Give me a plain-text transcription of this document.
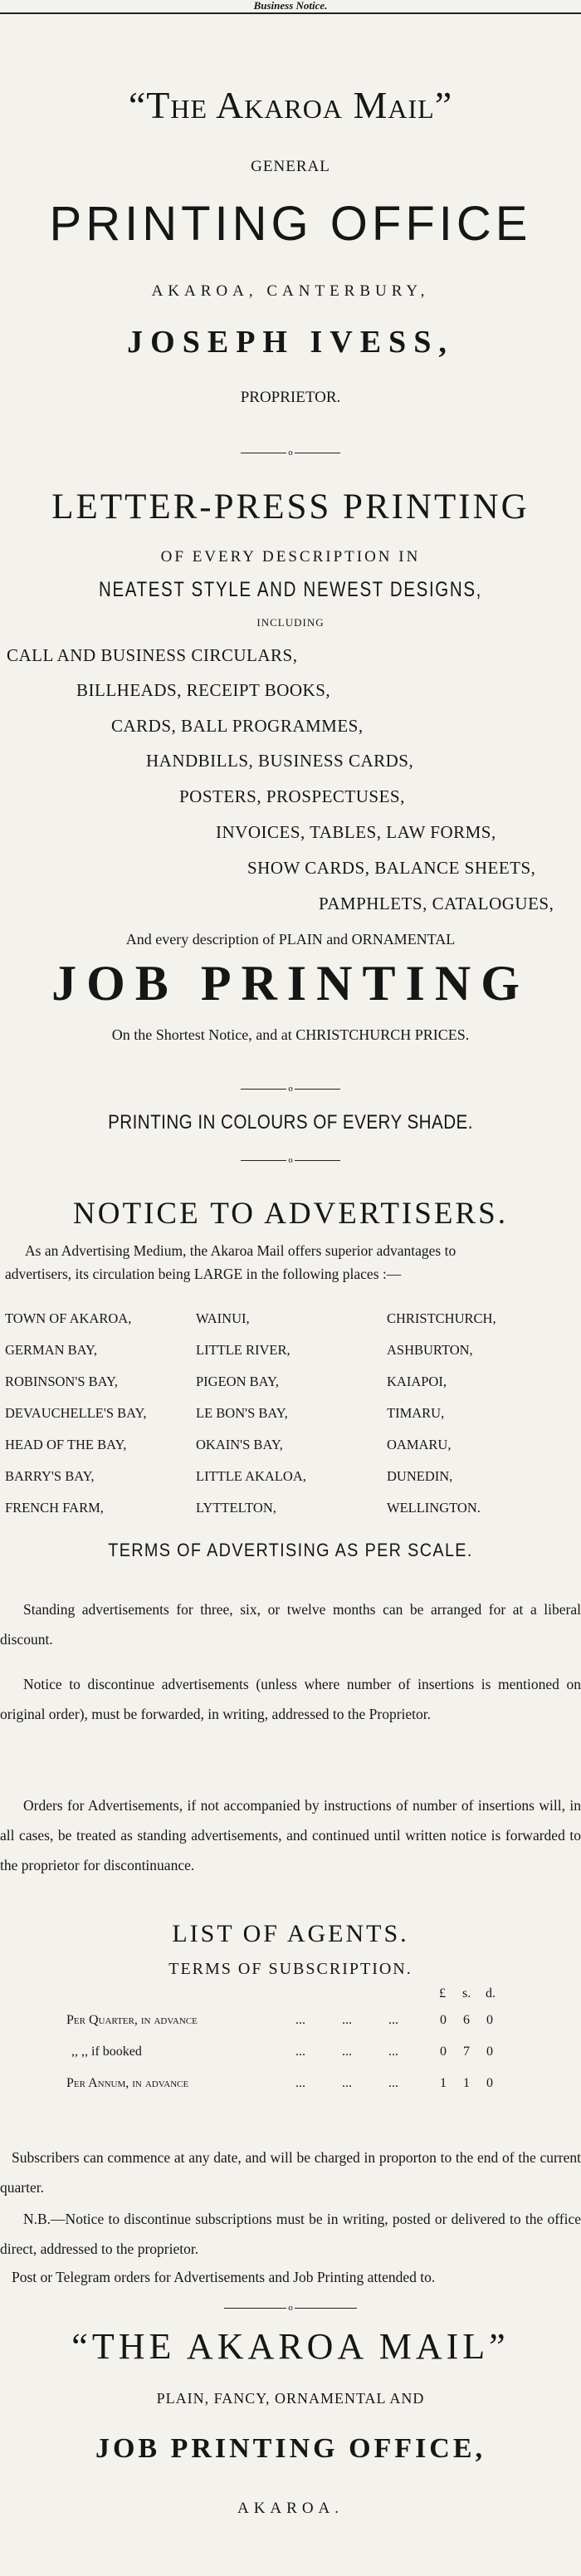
Business Notice.
“The Akaroa Mail”
GENERAL
PRINTING OFFICE
AKAROA, CANTERBURY,
JOSEPH IVESS,
PROPRIETOR.
o
LETTER-PRESS PRINTING
OF EVERY DESCRIPTION IN
NEATEST STYLE AND NEWEST DESIGNS,
INCLUDING
CALL AND BUSINESS CIRCULARS,
BILLHEADS, RECEIPT BOOKS,
CARDS, BALL PROGRAMMES,
HANDBILLS, BUSINESS CARDS,
POSTERS, PROSPECTUSES,
INVOICES, TABLES, LAW FORMS,
SHOW CARDS, BALANCE SHEETS,
PAMPHLETS, CATALOGUES,
And every description of PLAIN and ORNAMENTAL
JOB PRINTING
On the Shortest Notice, and at CHRISTCHURCH PRICES.
o
PRINTING IN COLOURS OF EVERY SHADE.
o
NOTICE TO ADVERTISERS.
As an Advertising Medium, the Akaroa Mail offers superior advantages to
advertisers, its circulation being LARGE in the following places :—
TOWN OF AKAROA,	WAINUI,	CHRISTCHURCH,
GERMAN BAY,	LITTLE RIVER,	ASHBURTON,
ROBINSON'S BAY,	PIGEON BAY,	KAIAPOI,
DEVAUCHELLE'S BAY,	LE BON'S BAY,	TIMARU,
HEAD OF THE BAY,	OKAIN'S BAY,	OAMARU,
BARRY'S BAY,	LITTLE AKALOA,	DUNEDIN,
FRENCH FARM,	LYTTELTON,	WELLINGTON.
TERMS OF ADVERTISING AS PER SCALE.

Standing advertisements for three, six, or twelve months can be arranged for at a liberal discount.

Notice to discontinue advertisements (unless where number of insertions is mentioned on original order), must be forwarded, in writing, addressed to the Proprietor.

Orders for Advertisements, if not accompanied by instructions of number of insertions will, in all cases, be treated as standing advertisements, and continued until written notice is forwarded to the proprietor for discontinuance.

LIST OF AGENTS.
TERMS OF SUBSCRIPTION.
£ s. d.
Per Quarter, in advance	...	...	...	0 6 0
,, ,, if booked	...	...	...	0 7 0
Per Annum, in advance	...	...	...	1 1 0

Subscribers can commence at any date, and will be charged in proporton to the end of the current quarter.

N.B.—Notice to discontinue subscriptions must be in writing, posted or delivered to the office direct, addressed to the proprietor.

Post or Telegram orders for Advertisements and Job Printing attended to.

o
“THE AKAROA MAIL”
PLAIN, FANCY, ORNAMENTAL AND
JOB PRINTING OFFICE,
AKAROA.
